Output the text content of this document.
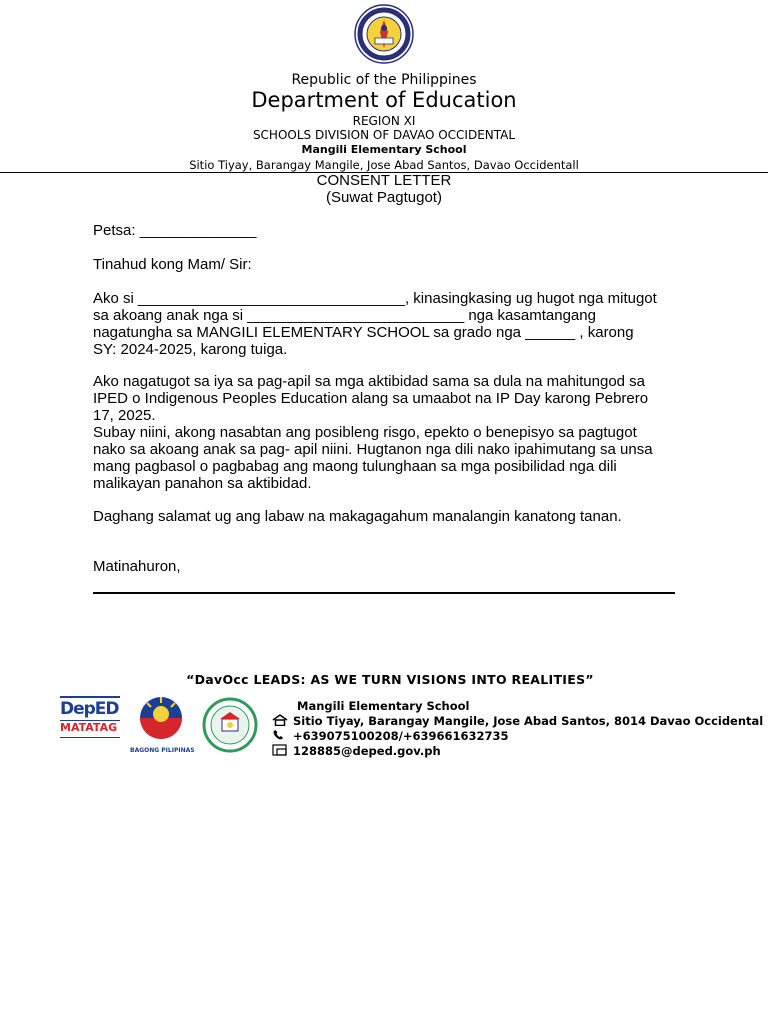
Republic of the Philippines
Department of Education
REGION XI
SCHOOLS DIVISION OF DAVAO OCCIDENTAL
Mangili Elementary School
Sitio Tiyay, Barangay Mangile, Jose Abad Santos, Davao Occidentall
CONSENT LETTER
(Suwat Pagtugot)
Petsa: ______________
Tinahud kong Mam/ Sir:
Ako si ________________________________, kinasingkasing ug hugot nga mitugot
sa akoang anak nga si __________________________ nga kasamtangang
nagatungha sa MANGILI ELEMENTARY SCHOOL sa grado nga ______ , karong
SY: 2024-2025, karong tuiga.
Ako nagatugot sa iya sa pag-apil sa mga aktibidad sama sa dula na mahitungod sa
IPED o Indigenous Peoples Education alang sa umaabot na IP Day karong Pebrero
17, 2025.
Subay niini, akong nasabtan ang posibleng risgo, epekto o benepisyo sa pagtugot
nako sa akoang anak sa pag- apil niini. Hugtanon nga dili nako ipahimutang sa unsa
mang pagbasol o pagbabag ang maong tulunghaan sa mga posibilidad nga dili
malikayan panahon sa aktibidad.
Daghang salamat ug ang labaw na makagagahum manalangin kanatong tanan.
Matinahuron,
“DavOcc LEADS: AS WE TURN VISIONS INTO REALITIES”
DepED
MATATAG
BAGONG PILIPINAS
Mangili Elementary School
Sitio Tiyay, Barangay Mangile, Jose Abad Santos, 8014 Davao Occidental
+639075100208/+639661632735
128885@deped.gov.ph
